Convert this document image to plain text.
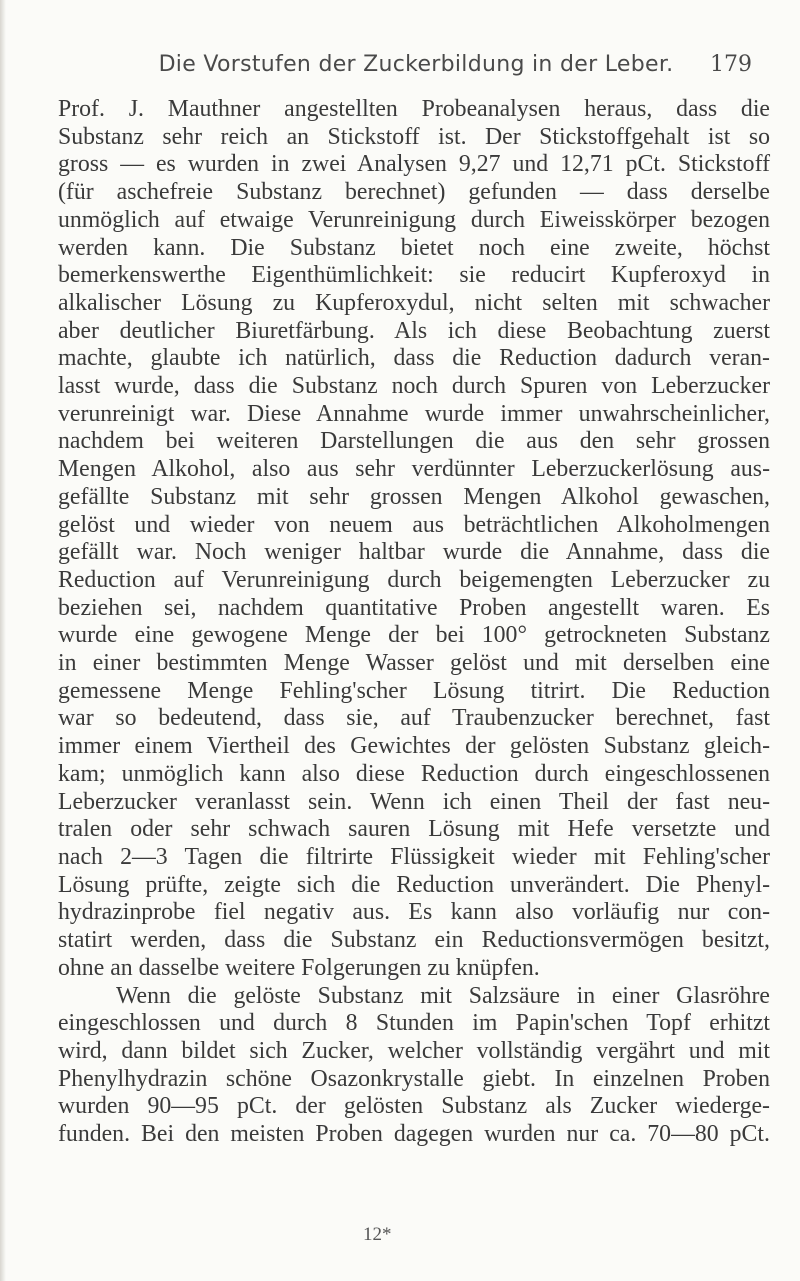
Die Vorstufen der Zuckerbildung in der Leber.	179
Prof. J. Mauthner angestellten Probeanalysen heraus, dass die
Substanz sehr reich an Stickstoff ist. Der Stickstoffgehalt ist so
gross — es wurden in zwei Analysen 9,27 und 12,71 pCt. Stickstoff
(für aschefreie Substanz berechnet) gefunden — dass derselbe
unmöglich auf etwaige Verunreinigung durch Eiweisskörper bezogen
werden kann. Die Substanz bietet noch eine zweite, höchst
bemerkenswerthe Eigenthümlichkeit: sie reducirt Kupferoxyd in
alkalischer Lösung zu Kupferoxydul, nicht selten mit schwacher
aber deutlicher Biuretfärbung. Als ich diese Beobachtung zuerst
machte, glaubte ich natürlich, dass die Reduction dadurch veran-
lasst wurde, dass die Substanz noch durch Spuren von Leberzucker
verunreinigt war. Diese Annahme wurde immer unwahrscheinlicher,
nachdem bei weiteren Darstellungen die aus den sehr grossen
Mengen Alkohol, also aus sehr verdünnter Leberzuckerlösung aus-
gefällte Substanz mit sehr grossen Mengen Alkohol gewaschen,
gelöst und wieder von neuem aus beträchtlichen Alkoholmengen
gefällt war. Noch weniger haltbar wurde die Annahme, dass die
Reduction auf Verunreinigung durch beigemengten Leberzucker zu
beziehen sei, nachdem quantitative Proben angestellt waren. Es
wurde eine gewogene Menge der bei 100° getrockneten Substanz
in einer bestimmten Menge Wasser gelöst und mit derselben eine
gemessene Menge Fehling'scher Lösung titrirt. Die Reduction
war so bedeutend, dass sie, auf Traubenzucker berechnet, fast
immer einem Viertheil des Gewichtes der gelösten Substanz gleich-
kam; unmöglich kann also diese Reduction durch eingeschlossenen
Leberzucker veranlasst sein. Wenn ich einen Theil der fast neu-
tralen oder sehr schwach sauren Lösung mit Hefe versetzte und
nach 2—3 Tagen die filtrirte Flüssigkeit wieder mit Fehling'scher
Lösung prüfte, zeigte sich die Reduction unverändert. Die Phenyl-
hydrazinprobe fiel negativ aus. Es kann also vorläufig nur con-
statirt werden, dass die Substanz ein Reductionsvermögen besitzt,
ohne an dasselbe weitere Folgerungen zu knüpfen.
Wenn die gelöste Substanz mit Salzsäure in einer Glasröhre
eingeschlossen und durch 8 Stunden im Papin'schen Topf erhitzt
wird, dann bildet sich Zucker, welcher vollständig vergährt und mit
Phenylhydrazin schöne Osazonkrystalle giebt. In einzelnen Proben
wurden 90—95 pCt. der gelösten Substanz als Zucker wiederge-
funden. Bei den meisten Proben dagegen wurden nur ca. 70—80 pCt.
12*
